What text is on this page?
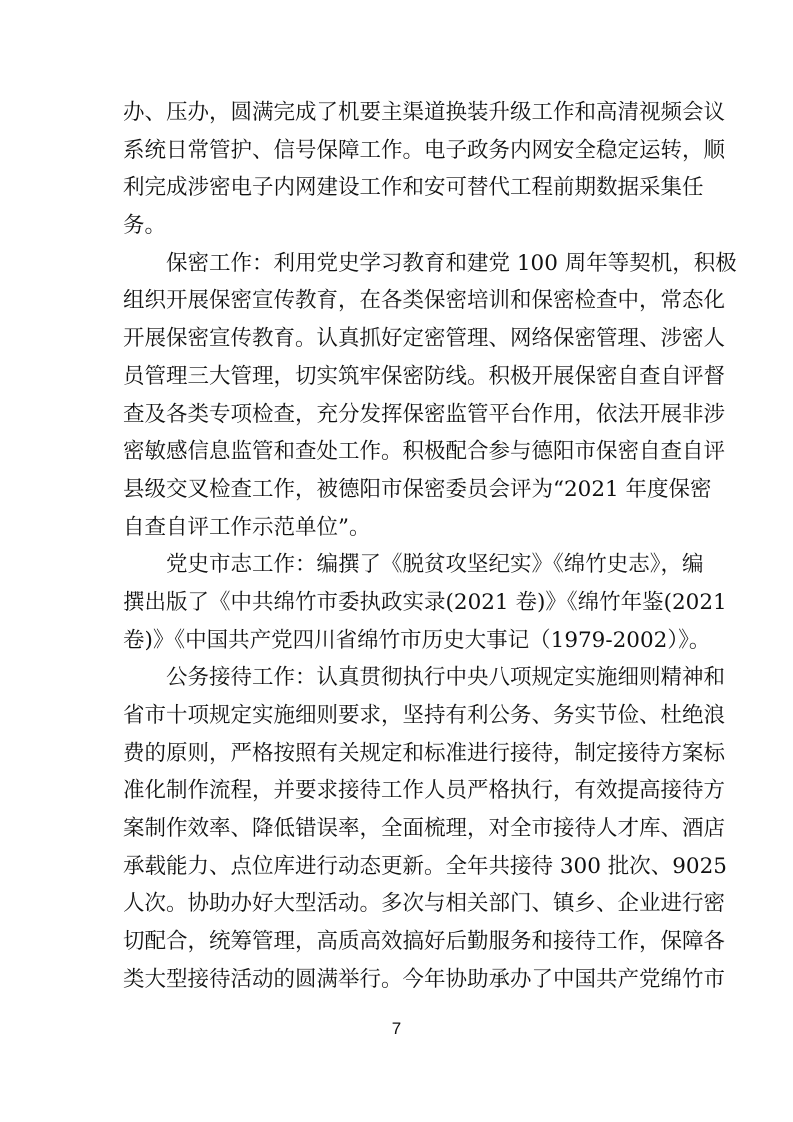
办、压办，圆满完成了机要主渠道换装升级工作和高清视频会议
系统日常管护、信号保障工作。电子政务内网安全稳定运转，顺
利完成涉密电子内网建设工作和安可替代工程前期数据采集任
务。
　　保密工作：利用党史学习教育和建党 100 周年等契机，积极
组织开展保密宣传教育，在各类保密培训和保密检查中，常态化
开展保密宣传教育。认真抓好定密管理、网络保密管理、涉密人
员管理三大管理，切实筑牢保密防线。积极开展保密自查自评督
查及各类专项检查，充分发挥保密监管平台作用，依法开展非涉
密敏感信息监管和查处工作。积极配合参与德阳市保密自查自评
县级交叉检查工作，被德阳市保密委员会评为“2021 年度保密
自查自评工作示范单位”。
　　党史市志工作：编撰了《脱贫攻坚纪实》《绵竹史志》，编
撰出版了《中共绵竹市委执政实录(2021 卷)》《绵竹年鉴(2021
卷)》《中国共产党四川省绵竹市历史大事记（1979-2002）》。
　　公务接待工作：认真贯彻执行中央八项规定实施细则精神和
省市十项规定实施细则要求，坚持有利公务、务实节俭、杜绝浪
费的原则，严格按照有关规定和标准进行接待，制定接待方案标
准化制作流程，并要求接待工作人员严格执行，有效提高接待方
案制作效率、降低错误率，全面梳理，对全市接待人才库、酒店
承载能力、点位库进行动态更新。全年共接待 300 批次、9025
人次。协助办好大型活动。多次与相关部门、镇乡、企业进行密
切配合，统筹管理，高质高效搞好后勤服务和接待工作，保障各
类大型接待活动的圆满举行。今年协助承办了中国共产党绵竹市
7
